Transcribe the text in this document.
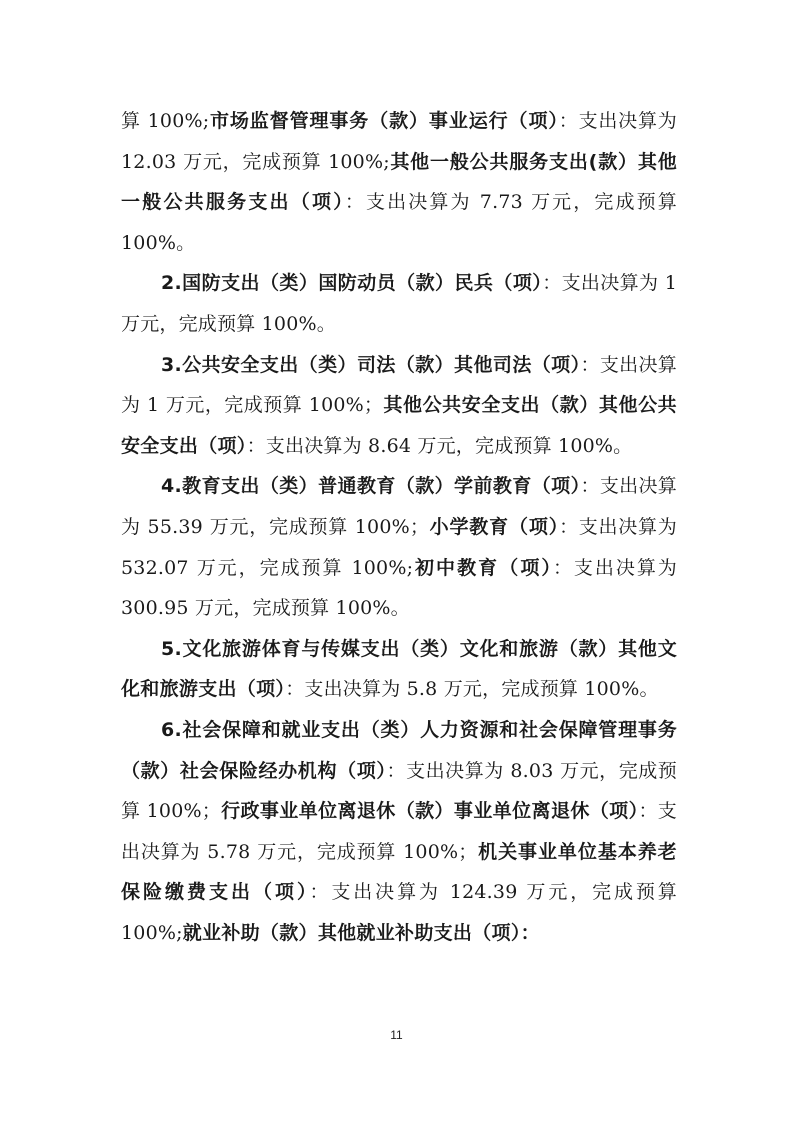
算 100%;市场监督管理事务（款）事业运行（项）：支出决算为 12.03 万元，完成预算 100%;其他一般公共服务支出(款）其他一般公共服务支出（项）：支出决算为 7.73 万元，完成预算 100%。

2.国防支出（类）国防动员（款）民兵（项）：支出决算为 1 万元，完成预算 100%。

3.公共安全支出（类）司法（款）其他司法（项）：支出决算为 1 万元，完成预算 100%；其他公共安全支出（款）其他公共安全支出（项）：支出决算为 8.64 万元，完成预算 100%。

4.教育支出（类）普通教育（款）学前教育（项）：支出决算为 55.39 万元，完成预算 100%；小学教育（项）：支出决算为 532.07 万元，完成预算 100%;初中教育（项）：支出决算为 300.95 万元，完成预算 100%。

5.文化旅游体育与传媒支出（类）文化和旅游（款）其他文化和旅游支出（项）：支出决算为 5.8 万元，完成预算 100%。

6.社会保障和就业支出（类）人力资源和社会保障管理事务（款）社会保险经办机构（项）：支出决算为 8.03 万元，完成预算 100%；行政事业单位离退休（款）事业单位离退休（项）：支出决算为 5.78 万元，完成预算 100%；机关事业单位基本养老保险缴费支出（项）：支出决算为 124.39 万元，完成预算 100%;就业补助（款）其他就业补助支出（项）：

11
